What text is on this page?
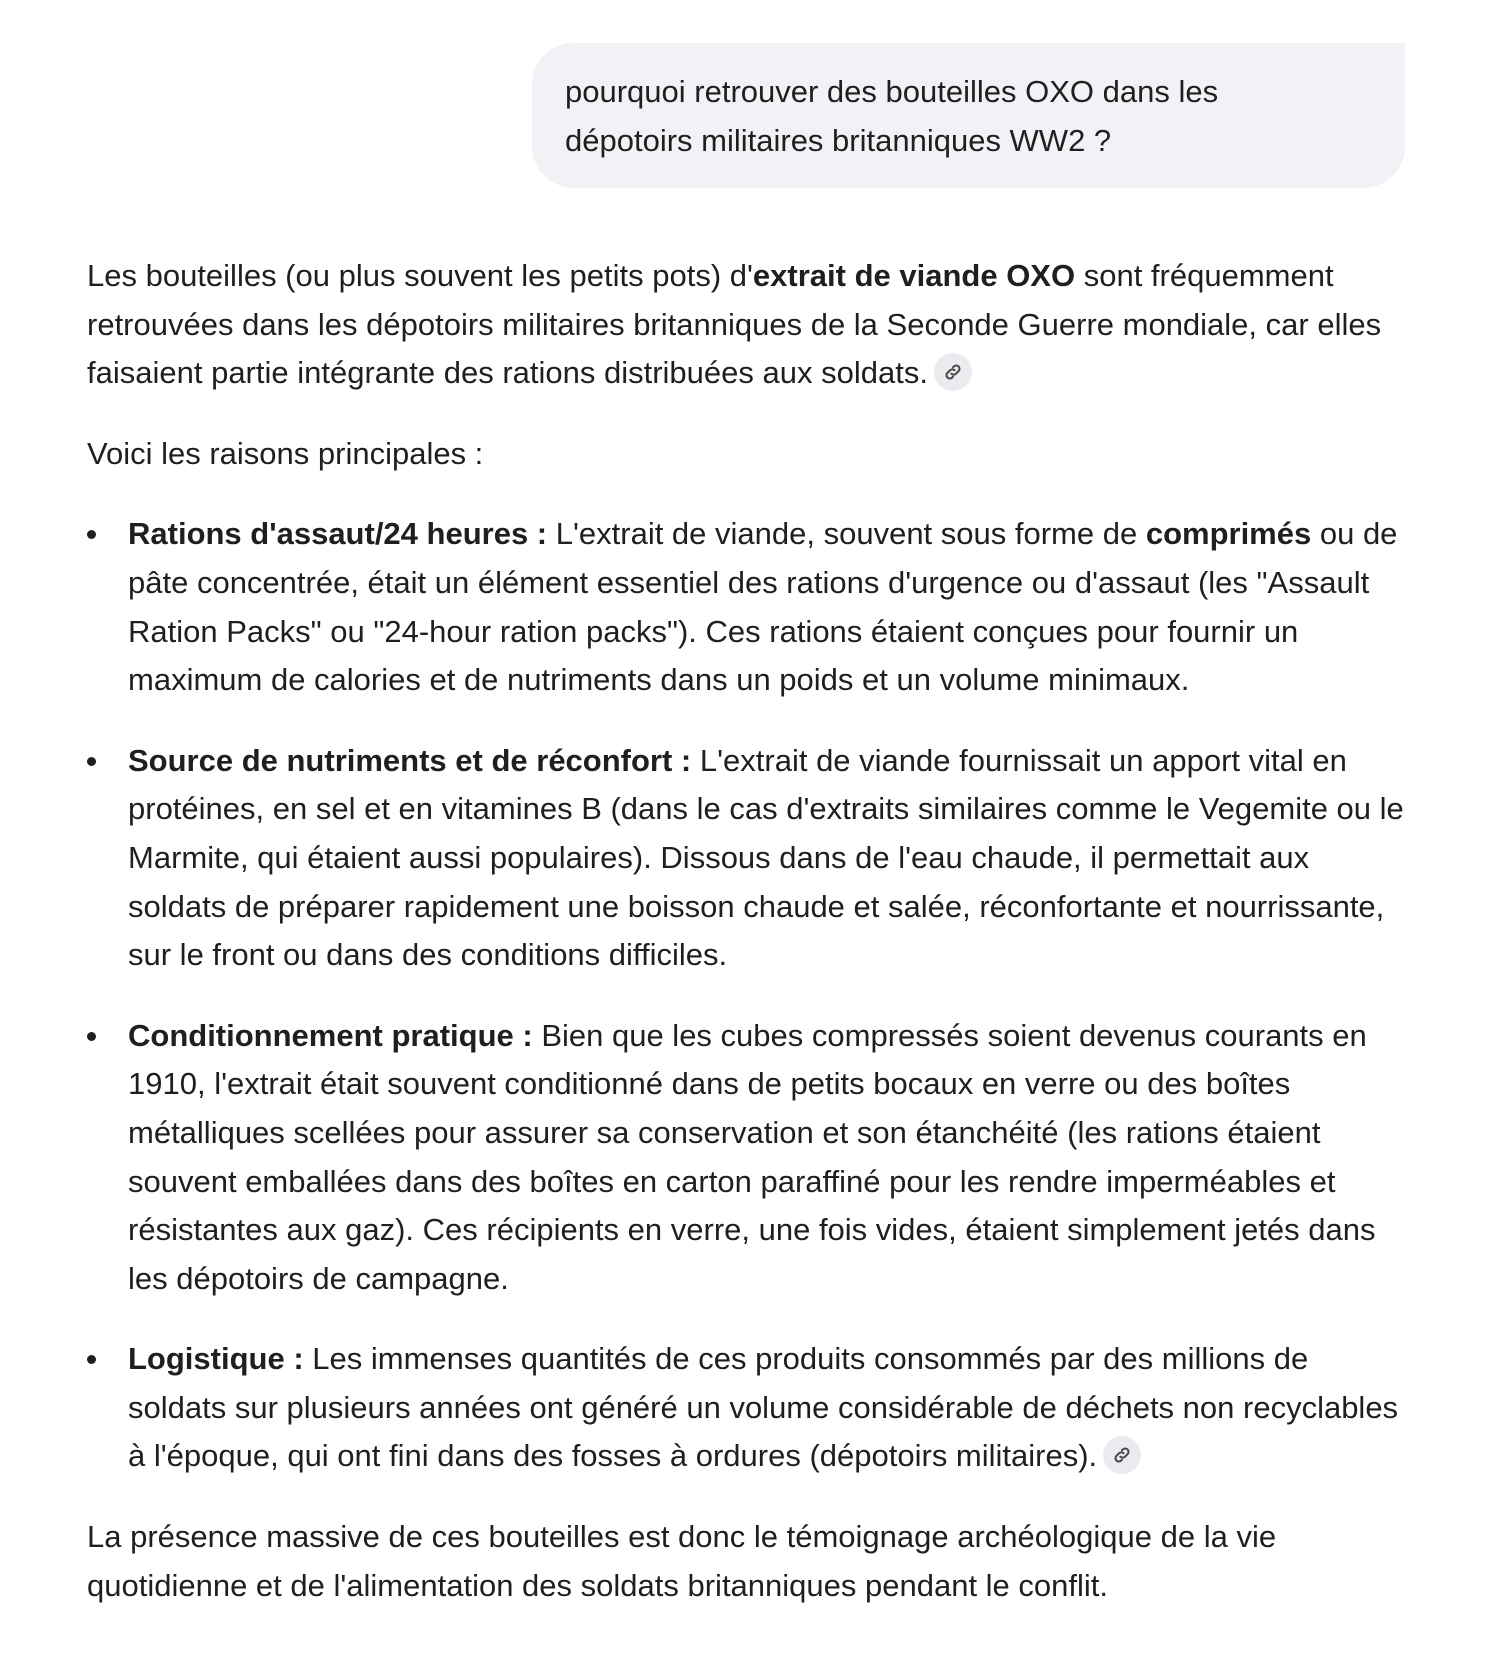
pourquoi retrouver des bouteilles OXO dans les
dépotoirs militaires britanniques WW2 ?

Les bouteilles (ou plus souvent les petits pots) d'extrait de viande OXO sont fréquemment retrouvées dans les dépotoirs militaires britanniques de la Seconde Guerre mondiale, car elles faisaient partie intégrante des rations distribuées aux soldats.

Voici les raisons principales :

Rations d'assaut/24 heures : L'extrait de viande, souvent sous forme de comprimés ou de pâte concentrée, était un élément essentiel des rations d'urgence ou d'assaut (les "Assault Ration Packs" ou "24-hour ration packs"). Ces rations étaient conçues pour fournir un maximum de calories et de nutriments dans un poids et un volume minimaux.
Source de nutriments et de réconfort : L'extrait de viande fournissait un apport vital en protéines, en sel et en vitamines B (dans le cas d'extraits similaires comme le Vegemite ou le Marmite, qui étaient aussi populaires). Dissous dans de l'eau chaude, il permettait aux soldats de préparer rapidement une boisson chaude et salée, réconfortante et nourrissante, sur le front ou dans des conditions difficiles.
Conditionnement pratique : Bien que les cubes compressés soient devenus courants en 1910, l'extrait était souvent conditionné dans de petits bocaux en verre ou des boîtes métalliques scellées pour assurer sa conservation et son étanchéité (les rations étaient souvent emballées dans des boîtes en carton paraffiné pour les rendre imperméables et résistantes aux gaz). Ces récipients en verre, une fois vides, étaient simplement jetés dans les dépotoirs de campagne.
Logistique : Les immenses quantités de ces produits consommés par des millions de soldats sur plusieurs années ont généré un volume considérable de déchets non recyclables à l'époque, qui ont fini dans des fosses à ordures (dépotoirs militaires).

La présence massive de ces bouteilles est donc le témoignage archéologique de la vie quotidienne et de l'alimentation des soldats britanniques pendant le conflit.
